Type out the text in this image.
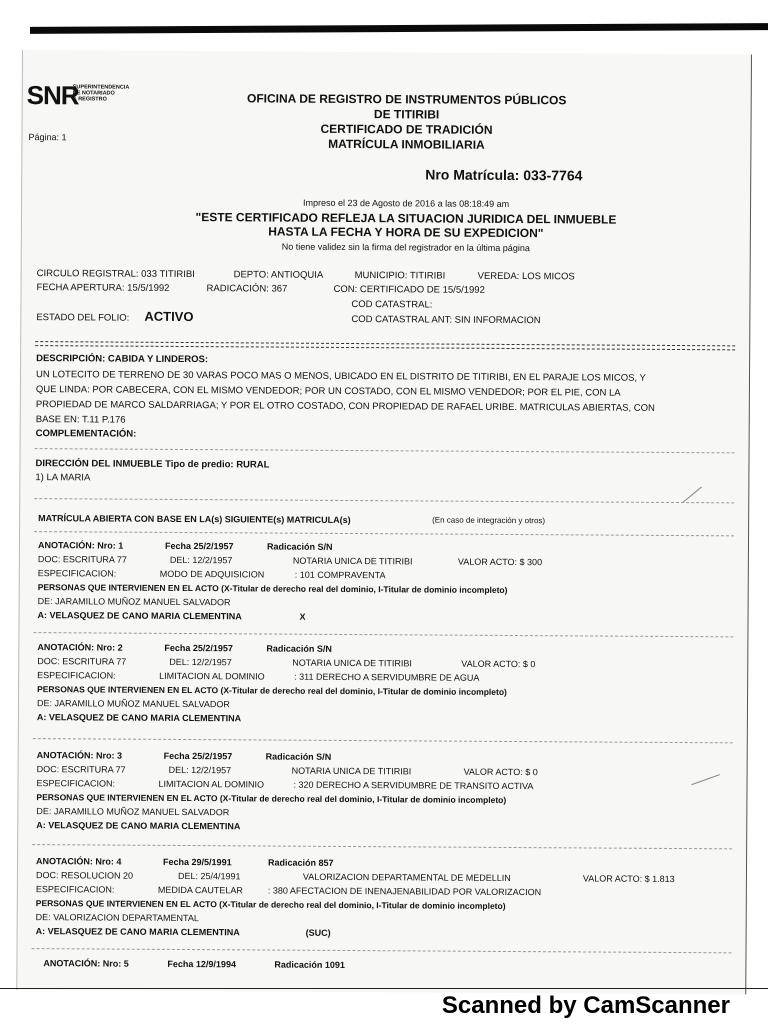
SNR
SUPERINTENDENCIA
DE NOTARIADO
& REGISTRO
Página: 1
OFICINA DE REGISTRO DE INSTRUMENTOS PÚBLICOS
DE TITIRIBI
CERTIFICADO DE TRADICIÓN
MATRÍCULA INMOBILIARIA
Nro Matrícula: 033-7764
Impreso el 23 de Agosto de 2016 a las 08:18:49 am
"ESTE CERTIFICADO REFLEJA LA SITUACION JURIDICA DEL INMUEBLE
HASTA LA FECHA Y HORA DE SU EXPEDICION"
No tiene validez sin la firma del registrador en la última página
CIRCULO REGISTRAL: 033 TITIRIBI	DEPTO: ANTIOQUIA	MUNICIPIO: TITIRIBI	VEREDA: LOS MICOS
FECHA APERTURA: 15/5/1992	RADICACIÓN: 367	CON: CERTIFICADO DE 15/5/1992
COD CATASTRAL:
ESTADO DEL FOLIO: ACTIVO	COD CATASTRAL ANT: SIN INFORMACION
DESCRIPCIÓN: CABIDA Y LINDEROS:
UN LOTECITO DE TERRENO DE 30 VARAS POCO MAS O MENOS, UBICADO EN EL DISTRITO DE TITIRIBI, EN EL PARAJE LOS MICOS, Y QUE LINDA: POR CABECERA, CON EL MISMO VENDEDOR; POR UN COSTADO, CON EL MISMO VENDEDOR; POR EL PIE, CON LA PROPIEDAD DE MARCO SALDARRIAGA; Y POR EL OTRO COSTADO, CON PROPIEDAD DE RAFAEL URIBE. MATRICULAS ABIERTAS, CON BASE EN: T.11 P.176
COMPLEMENTACIÓN:
DIRECCIÓN DEL INMUEBLE Tipo de predio: RURAL
1) LA MARIA
MATRÍCULA ABIERTA CON BASE EN LA(s) SIGUIENTE(s) MATRICULA(s)	(En caso de integración y otros)
ANOTACIÓN: Nro: 1	Fecha 25/2/1957	Radicación S/N
DOC: ESCRITURA 77	DEL: 12/2/1957	NOTARIA UNICA DE TITIRIBI	VALOR ACTO: $ 300
ESPECIFICACION:	MODO DE ADQUISICION	: 101 COMPRAVENTA
PERSONAS QUE INTERVIENEN EN EL ACTO (X-Titular de derecho real del dominio, I-Titular de dominio incompleto)
DE: JARAMILLO MUÑOZ MANUEL SALVADOR
A: VELASQUEZ DE CANO MARIA CLEMENTINA	X
ANOTACIÓN: Nro: 2	Fecha 25/2/1957	Radicación S/N
DOC: ESCRITURA 77	DEL: 12/2/1957	NOTARIA UNICA DE TITIRIBI	VALOR ACTO: $ 0
ESPECIFICACION:	LIMITACION AL DOMINIO	: 311 DERECHO A SERVIDUMBRE DE AGUA
PERSONAS QUE INTERVIENEN EN EL ACTO (X-Titular de derecho real del dominio, I-Titular de dominio incompleto)
DE: JARAMILLO MUÑOZ MANUEL SALVADOR
A: VELASQUEZ DE CANO MARIA CLEMENTINA
ANOTACIÓN: Nro: 3	Fecha 25/2/1957	Radicación S/N
DOC: ESCRITURA 77	DEL: 12/2/1957	NOTARIA UNICA DE TITIRIBI	VALOR ACTO: $ 0
ESPECIFICACION:	LIMITACION AL DOMINIO	: 320 DERECHO A SERVIDUMBRE DE TRANSITO ACTIVA
PERSONAS QUE INTERVIENEN EN EL ACTO (X-Titular de derecho real del dominio, I-Titular de dominio incompleto)
DE: JARAMILLO MUÑOZ MANUEL SALVADOR
A: VELASQUEZ DE CANO MARIA CLEMENTINA
ANOTACIÓN: Nro: 4	Fecha 29/5/1991	Radicación 857
DOC: RESOLUCION 20	DEL: 25/4/1991	VALORIZACION DEPARTAMENTAL DE MEDELLIN	VALOR ACTO: $ 1.813
ESPECIFICACION:	MEDIDA CAUTELAR	: 380 AFECTACION DE INENAJENABILIDAD POR VALORIZACION
PERSONAS QUE INTERVIENEN EN EL ACTO (X-Titular de derecho real del dominio, I-Titular de dominio incompleto)
DE: VALORIZACION DEPARTAMENTAL
A: VELASQUEZ DE CANO MARIA CLEMENTINA	(SUC)
ANOTACIÓN: Nro: 5	Fecha 12/9/1994	Radicación 1091
Scanned by CamScanner
